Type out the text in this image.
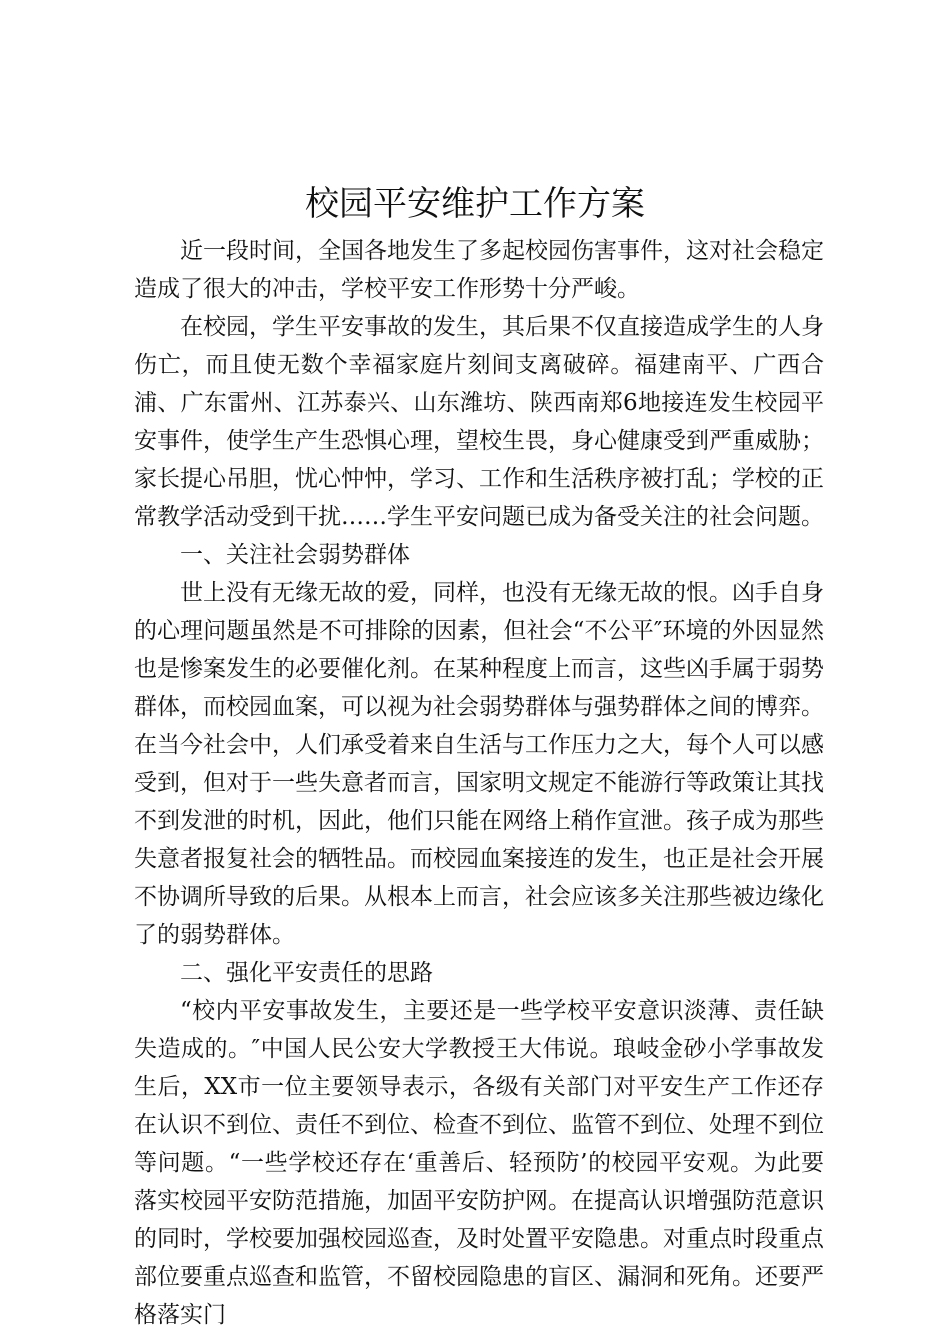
校园平安维护工作方案

近一段时间，全国各地发生了多起校园伤害事件，这对社会稳定造成了很大的冲击，学校平安工作形势十分严峻。

在校园，学生平安事故的发生，其后果不仅直接造成学生的人身伤亡，而且使无数个幸福家庭片刻间支离破碎。福建南平、广西合浦、广东雷州、江苏泰兴、山东潍坊、陕西南郑6地接连发生校园平安事件，使学生产生恐惧心理，望校生畏，身心健康受到严重威胁；家长提心吊胆，忧心忡忡，学习、工作和生活秩序被打乱；学校的正常教学活动受到干扰……学生平安问题已成为备受关注的社会问题。

一、关注社会弱势群体

世上没有无缘无故的爱，同样，也没有无缘无故的恨。凶手自身的心理问题虽然是不可排除的因素，但社会“不公平″环境的外因显然也是惨案发生的必要催化剂。在某种程度上而言，这些凶手属于弱势群体，而校园血案，可以视为社会弱势群体与强势群体之间的博弈。在当今社会中，人们承受着来自生活与工作压力之大，每个人可以感受到，但对于一些失意者而言，国家明文规定不能游行等政策让其找不到发泄的时机，因此，他们只能在网络上稍作宣泄。孩子成为那些失意者报复社会的牺牲品。而校园血案接连的发生，也正是社会开展不协调所导致的后果。从根本上而言，社会应该多关注那些被边缘化了的弱势群体。

二、强化平安责任的思路

“校内平安事故发生，主要还是一些学校平安意识淡薄、责任缺失造成的。″中国人民公安大学教授王大伟说。琅岐金砂小学事故发生后，XX市一位主要领导表示，各级有关部门对平安生产工作还存在认识不到位、责任不到位、检查不到位、监管不到位、处理不到位等问题。“一些学校还存在‘重善后、轻预防’的校园平安观。为此要落实校园平安防范措施，加固平安防护网。在提高认识增强防范意识的同时，学校要加强校园巡查，及时处置平安隐患。对重点时段重点部位要重点巡查和监管，不留校园隐患的盲区、漏洞和死角。还要严格落实门
